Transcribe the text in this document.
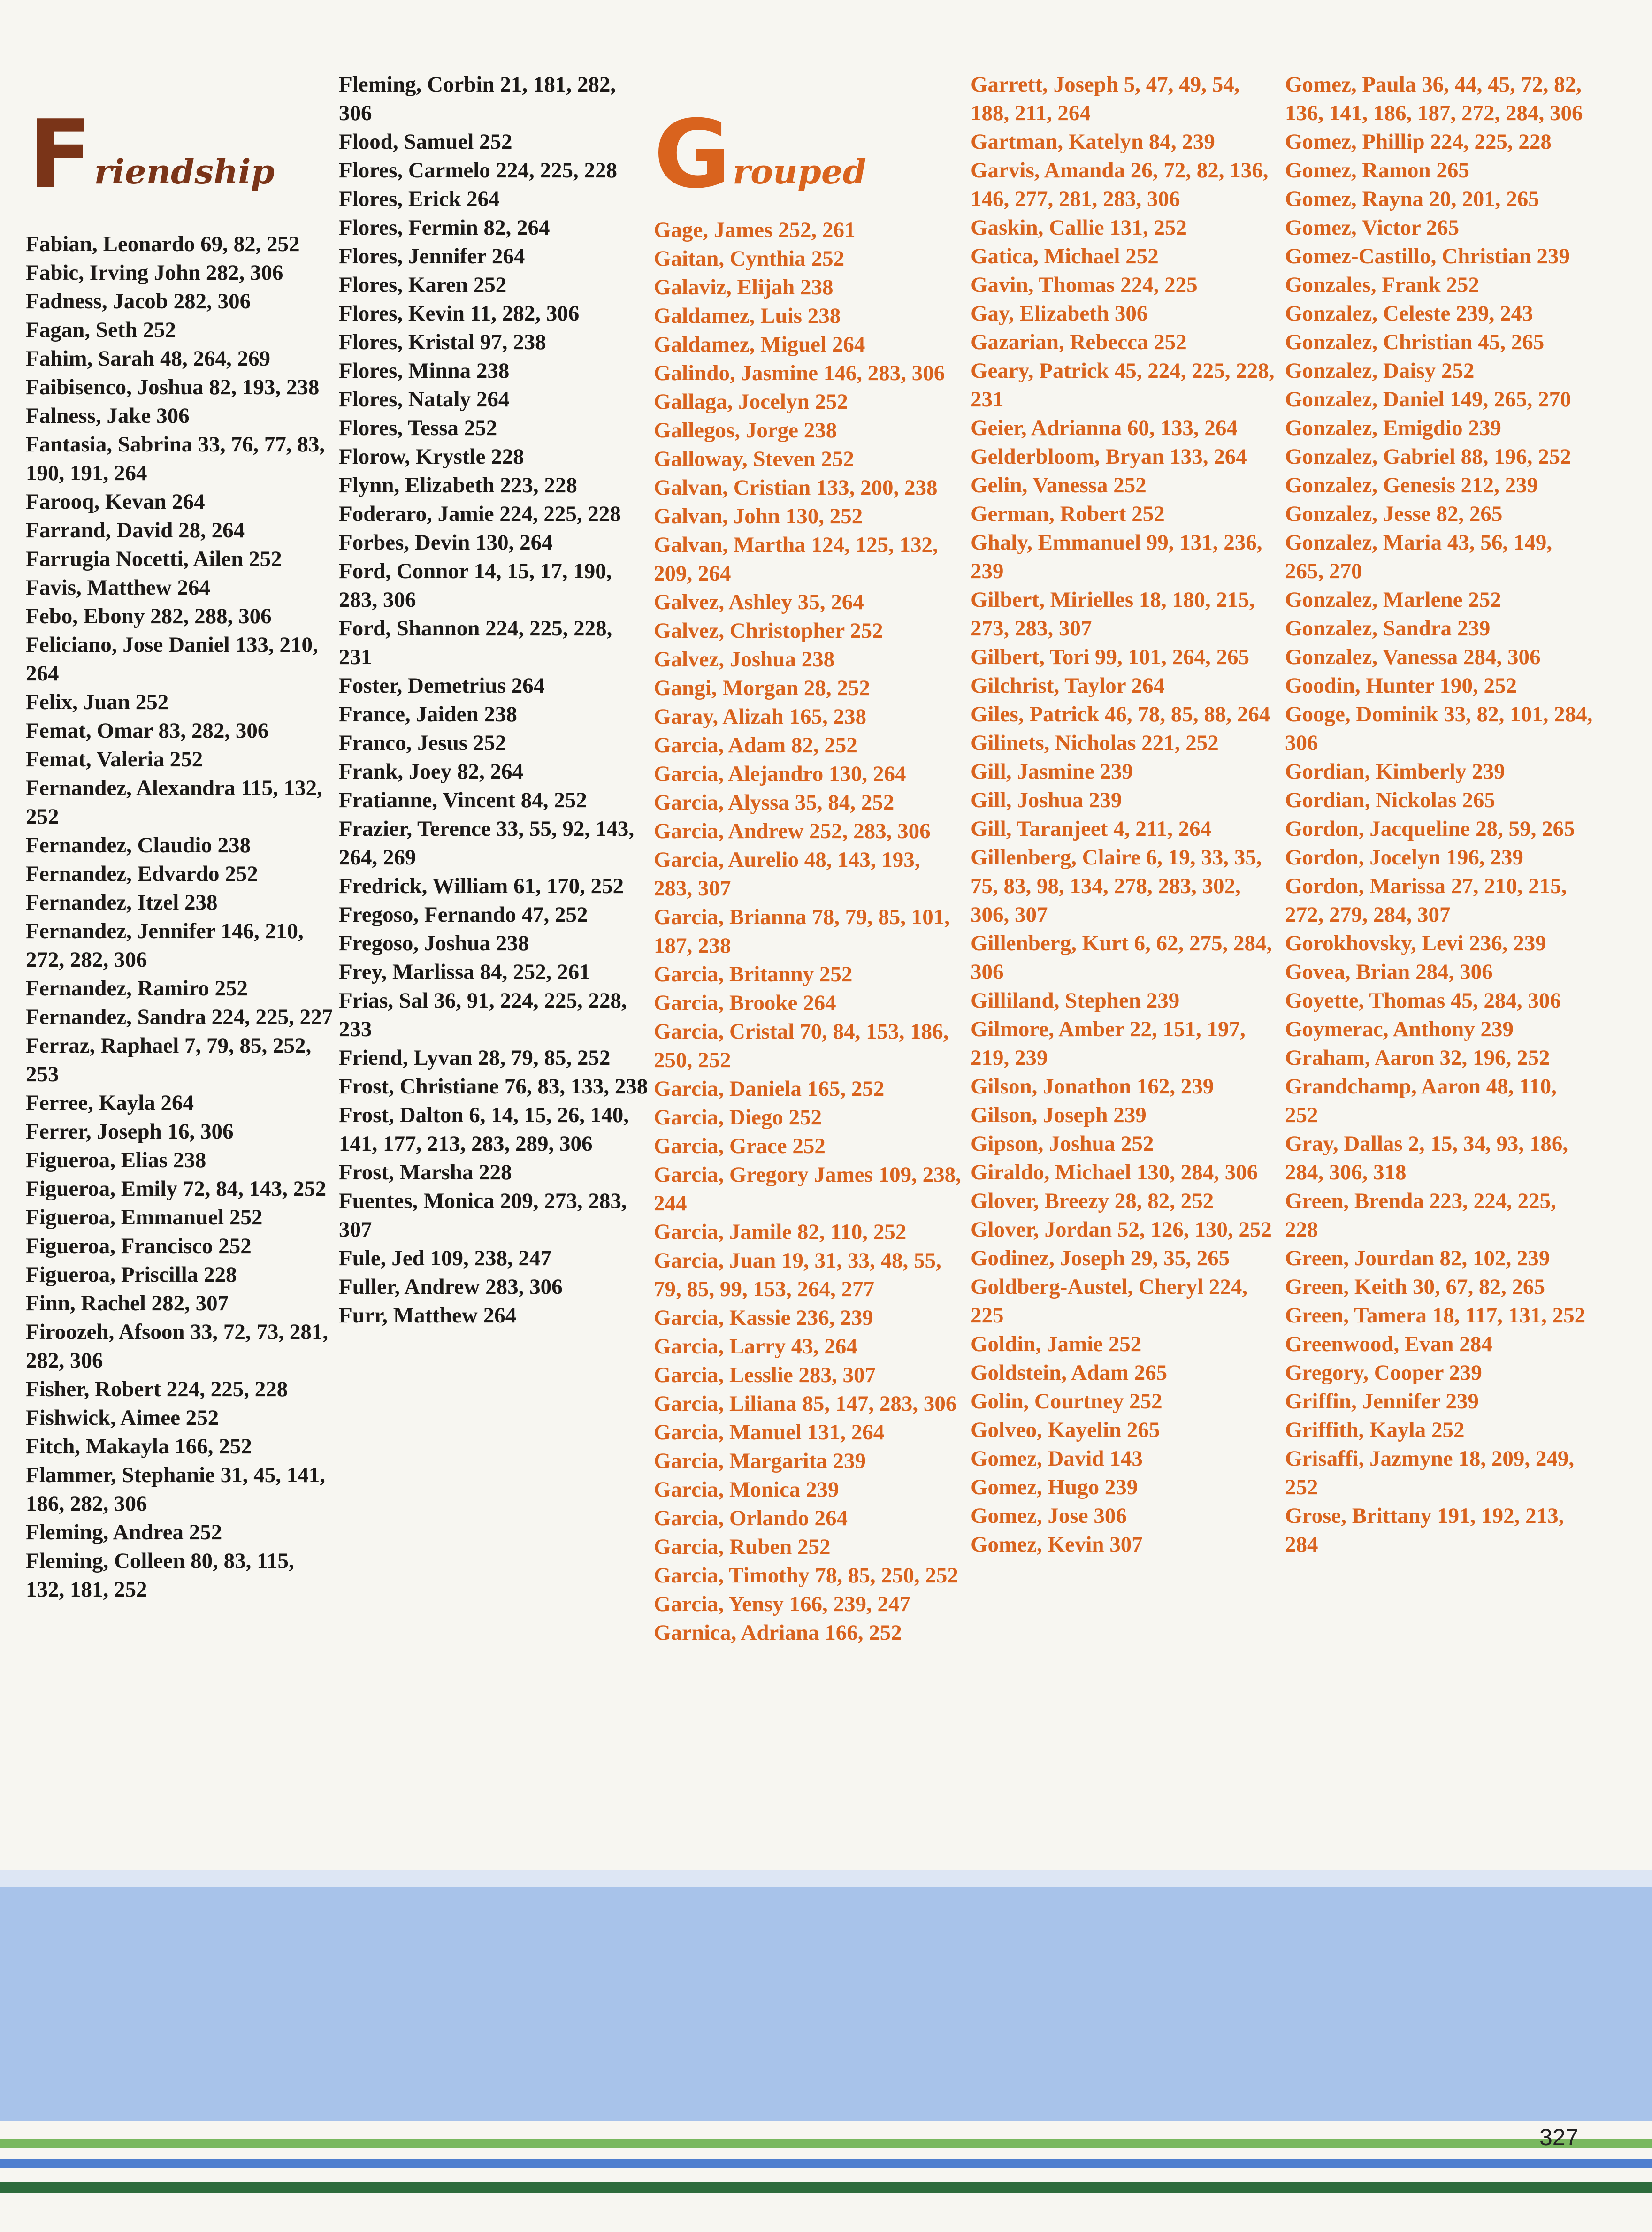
Friendship	Grouped
Fabian, Leonardo 69, 82, 252
Fabic, Irving John 282, 306
Fadness, Jacob 282, 306
Fagan, Seth 252
Fahim, Sarah 48, 264, 269
Faibisenco, Joshua 82, 193, 238
Falness, Jake 306
Fantasia, Sabrina 33, 76, 77, 83, 190, 191, 264
Farooq, Kevan 264
Farrand, David 28, 264
Farrugia Nocetti, Ailen 252
Favis, Matthew 264
Febo, Ebony 282, 288, 306
Feliciano, Jose Daniel 133, 210, 264
Felix, Juan 252
Femat, Omar 83, 282, 306
Femat, Valeria 252
Fernandez, Alexandra 115, 132, 252
Fernandez, Claudio 238
Fernandez, Edvardo 252
Fernandez, Itzel 238
Fernandez, Jennifer 146, 210, 272, 282, 306
Fernandez, Ramiro 252
Fernandez, Sandra 224, 225, 227
Ferraz, Raphael 7, 79, 85, 252, 253
Ferree, Kayla 264
Ferrer, Joseph 16, 306
Figueroa, Elias 238
Figueroa, Emily 72, 84, 143, 252
Figueroa, Emmanuel 252
Figueroa, Francisco 252
Figueroa, Priscilla 228
Finn, Rachel 282, 307
Firoozeh, Afsoon 33, 72, 73, 281, 282, 306
Fisher, Robert 224, 225, 228
Fishwick, Aimee 252
Fitch, Makayla 166, 252
Flammer, Stephanie 31, 45, 141, 186, 282, 306
Fleming, Andrea 252
Fleming, Colleen 80, 83, 115, 132, 181, 252
Fleming, Corbin 21, 181, 282, 306
Flood, Samuel 252
Flores, Carmelo 224, 225, 228
Flores, Erick 264
Flores, Fermin 82, 264
Flores, Jennifer 264
Flores, Karen 252
Flores, Kevin 11, 282, 306
Flores, Kristal 97, 238
Flores, Minna 238
Flores, Nataly 264
Flores, Tessa 252
Florow, Krystle 228
Flynn, Elizabeth 223, 228
Foderaro, Jamie 224, 225, 228
Forbes, Devin 130, 264
Ford, Connor 14, 15, 17, 190, 283, 306
Ford, Shannon 224, 225, 228, 231
Foster, Demetrius 264
France, Jaiden 238
Franco, Jesus 252
Frank, Joey 82, 264
Fratianne, Vincent 84, 252
Frazier, Terence 33, 55, 92, 143, 264, 269
Fredrick, William 61, 170, 252
Fregoso, Fernando 47, 252
Fregoso, Joshua 238
Frey, Marlissa 84, 252, 261
Frias, Sal 36, 91, 224, 225, 228, 233
Friend, Lyvan 28, 79, 85, 252
Frost, Christiane 76, 83, 133, 238
Frost, Dalton 6, 14, 15, 26, 140, 141, 177, 213, 283, 289, 306
Frost, Marsha 228
Fuentes, Monica 209, 273, 283, 307
Fule, Jed 109, 238, 247
Fuller, Andrew 283, 306
Furr, Matthew 264
Gage, James 252, 261
Gaitan, Cynthia 252
Galaviz, Elijah 238
Galdamez, Luis 238
Galdamez, Miguel 264
Galindo, Jasmine 146, 283, 306
Gallaga, Jocelyn 252
Gallegos, Jorge 238
Galloway, Steven 252
Galvan, Cristian 133, 200, 238
Galvan, John 130, 252
Galvan, Martha 124, 125, 132, 209, 264
Galvez, Ashley 35, 264
Galvez, Christopher 252
Galvez, Joshua 238
Gangi, Morgan 28, 252
Garay, Alizah 165, 238
Garcia, Adam 82, 252
Garcia, Alejandro 130, 264
Garcia, Alyssa 35, 84, 252
Garcia, Andrew 252, 283, 306
Garcia, Aurelio 48, 143, 193, 283, 307
Garcia, Brianna 78, 79, 85, 101, 187, 238
Garcia, Britanny 252
Garcia, Brooke 264
Garcia, Cristal 70, 84, 153, 186, 250, 252
Garcia, Daniela 165, 252
Garcia, Diego 252
Garcia, Grace 252
Garcia, Gregory James 109, 238, 244
Garcia, Jamile 82, 110, 252
Garcia, Juan 19, 31, 33, 48, 55, 79, 85, 99, 153, 264, 277
Garcia, Kassie 236, 239
Garcia, Larry 43, 264
Garcia, Lesslie 283, 307
Garcia, Liliana 85, 147, 283, 306
Garcia, Manuel 131, 264
Garcia, Margarita 239
Garcia, Monica 239
Garcia, Orlando 264
Garcia, Ruben 252
Garcia, Timothy 78, 85, 250, 252
Garcia, Yensy 166, 239, 247
Garnica, Adriana 166, 252
Garrett, Joseph 5, 47, 49, 54, 188, 211, 264
Gartman, Katelyn 84, 239
Garvis, Amanda 26, 72, 82, 136, 146, 277, 281, 283, 306
Gaskin, Callie 131, 252
Gatica, Michael 252
Gavin, Thomas 224, 225
Gay, Elizabeth 306
Gazarian, Rebecca 252
Geary, Patrick 45, 224, 225, 228, 231
Geier, Adrianna 60, 133, 264
Gelderbloom, Bryan 133, 264
Gelin, Vanessa 252
German, Robert 252
Ghaly, Emmanuel 99, 131, 236, 239
Gilbert, Mirielles 18, 180, 215, 273, 283, 307
Gilbert, Tori 99, 101, 264, 265
Gilchrist, Taylor 264
Giles, Patrick 46, 78, 85, 88, 264
Gilinets, Nicholas 221, 252
Gill, Jasmine 239
Gill, Joshua 239
Gill, Taranjeet 4, 211, 264
Gillenberg, Claire 6, 19, 33, 35, 75, 83, 98, 134, 278, 283, 302, 306, 307
Gillenberg, Kurt 6, 62, 275, 284, 306
Gilliland, Stephen 239
Gilmore, Amber 22, 151, 197, 219, 239
Gilson, Jonathon 162, 239
Gilson, Joseph 239
Gipson, Joshua 252
Giraldo, Michael 130, 284, 306
Glover, Breezy 28, 82, 252
Glover, Jordan 52, 126, 130, 252
Godinez, Joseph 29, 35, 265
Goldberg-Austel, Cheryl 224, 225
Goldin, Jamie 252
Goldstein, Adam 265
Golin, Courtney 252
Golveo, Kayelin 265
Gomez, David 143
Gomez, Hugo 239
Gomez, Jose 306
Gomez, Kevin 307
Gomez, Paula 36, 44, 45, 72, 82, 136, 141, 186, 187, 272, 284, 306
Gomez, Phillip 224, 225, 228
Gomez, Ramon 265
Gomez, Rayna 20, 201, 265
Gomez, Victor 265
Gomez-Castillo, Christian 239
Gonzales, Frank 252
Gonzalez, Celeste 239, 243
Gonzalez, Christian 45, 265
Gonzalez, Daisy 252
Gonzalez, Daniel 149, 265, 270
Gonzalez, Emigdio 239
Gonzalez, Gabriel 88, 196, 252
Gonzalez, Genesis 212, 239
Gonzalez, Jesse 82, 265
Gonzalez, Maria 43, 56, 149, 265, 270
Gonzalez, Marlene 252
Gonzalez, Sandra 239
Gonzalez, Vanessa 284, 306
Goodin, Hunter 190, 252
Googe, Dominik 33, 82, 101, 284, 306
Gordian, Kimberly 239
Gordian, Nickolas 265
Gordon, Jacqueline 28, 59, 265
Gordon, Jocelyn 196, 239
Gordon, Marissa 27, 210, 215, 272, 279, 284, 307
Gorokhovsky, Levi 236, 239
Govea, Brian 284, 306
Goyette, Thomas 45, 284, 306
Goymerac, Anthony 239
Graham, Aaron 32, 196, 252
Grandchamp, Aaron 48, 110, 252
Gray, Dallas 2, 15, 34, 93, 186, 284, 306, 318
Green, Brenda 223, 224, 225, 228
Green, Jourdan 82, 102, 239
Green, Keith 30, 67, 82, 265
Green, Tamera 18, 117, 131, 252
Greenwood, Evan 284
Gregory, Cooper 239
Griffin, Jennifer 239
Griffith, Kayla 252
Grisaffi, Jazmyne 18, 209, 249, 252
Grose, Brittany 191, 192, 213, 284
327
